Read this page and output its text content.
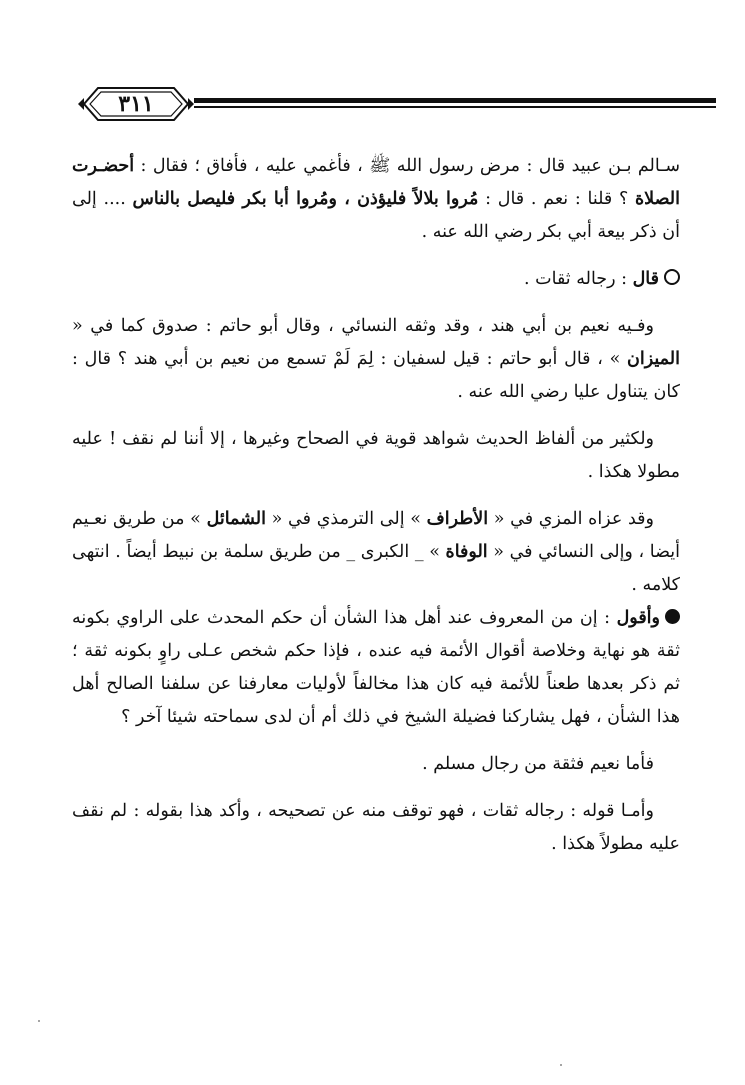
٣١١

سـالم بـن عبيد قال : مرض رسول الله ﷺ ، فأغمي عليه ، فأفاق ؛ فقال : أحضـرت الصلاة ؟ قلنا : نعم . قال : مُروا بلالاً فليؤذن ، ومُروا أبا بكر فليصل بالناس .... إلى أن ذكر بيعة أبي بكر رضي الله عنه .

قال : رجاله ثقات .

وفـيه نعيم بن أبي هند ، وقد وثقه النسائي ، وقال أبو حاتم : صدوق كما في « الميزان » ، قال أبو حاتم : قيل لسفيان : لِمَ لَمْ تسمع من نعيم بن أبي هند ؟ قال : كان يتناول عليا رضي الله عنه .

ولكثير من ألفاظ الحديث شواهد قوية في الصحاح وغيرها ، إلا أننا لم نقف ! عليه مطولا هكذا .

وقد عزاه المزي في « الأطراف » إلى الترمذي في « الشمائل » من طريق نعـيم أيضا ، وإلى النسائي في « الوفاة » _ الكبرى _ من طريق سلمة بن نبيط أيضاً . انتهى كلامه .

وأقول : إن من المعروف عند أهل هذا الشأن أن حكم المحدث على الراوي بكونه ثقة هو نهاية وخلاصة أقوال الأئمة فيه عنده ، فإذا حكم شخص عـلى راوٍ بكونه ثقة ؛ ثم ذكر بعدها طعناً للأئمة فيه كان هذا مخالفاً لأوليات معارفنا عن سلفنا الصالح أهل هذا الشأن ، فهل يشاركنا فضيلة الشيخ في ذلك أم أن لدى سماحته شيئا آخر ؟

فأما نعيم فثقة من رجال مسلم .

وأمـا قوله : رجاله ثقات ، فهو توقف منه عن تصحيحه ، وأكد هذا بقوله : لم نقف عليه مطولاً هكذا .
